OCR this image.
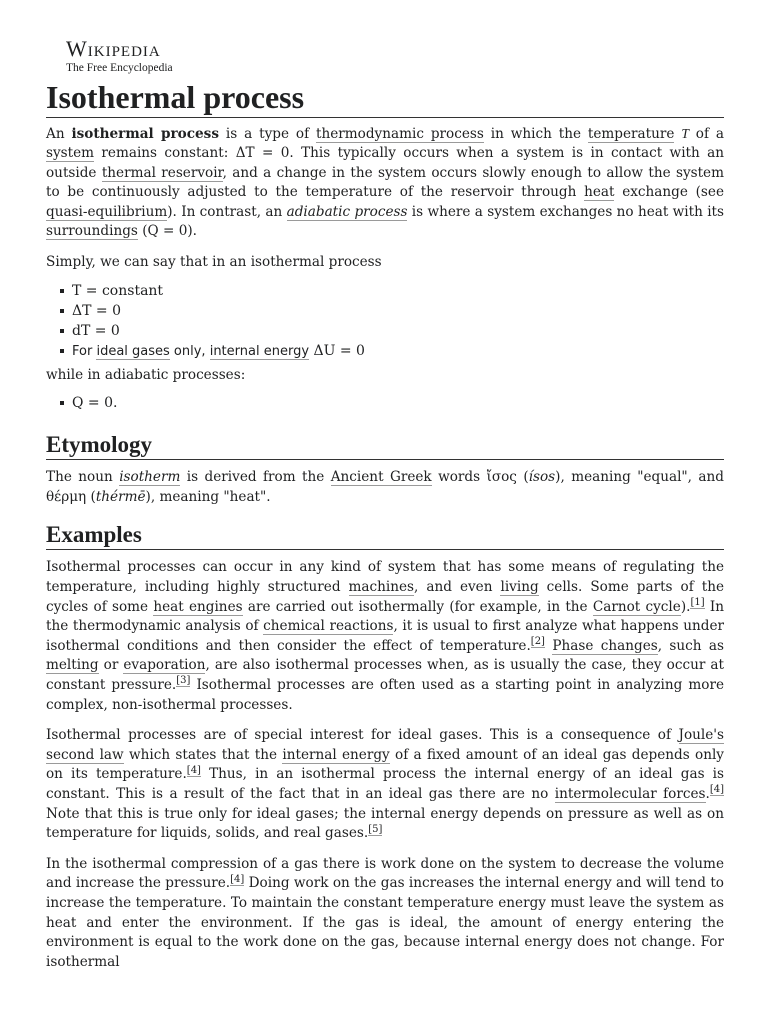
Wikipedia
The Free Encyclopedia
Isothermal process

An isothermal process is a type of thermodynamic process in which the temperature T of a system remains constant: ΔT = 0. This typically occurs when a system is in contact with an outside thermal reservoir, and a change in the system occurs slowly enough to allow the system to be continuously adjusted to the temperature of the reservoir through heat exchange (see quasi-equilibrium). In contrast, an adiabatic process is where a system exchanges no heat with its surroundings (Q = 0).

Simply, we can say that in an isothermal process

T = constant
ΔT = 0
dT = 0
For ideal gases only, internal energy ΔU = 0

while in adiabatic processes:

Q = 0.
Etymology

The noun isotherm is derived from the Ancient Greek words ἴσος (ísos), meaning "equal", and θέρμη (thérmē), meaning "heat".

Examples

Isothermal processes can occur in any kind of system that has some means of regulating the temperature, including highly structured machines, and even living cells. Some parts of the cycles of some heat engines are carried out isothermally (for example, in the Carnot cycle).[1] In the thermodynamic analysis of chemical reactions, it is usual to first analyze what happens under isothermal conditions and then consider the effect of temperature.[2] Phase changes, such as melting or evaporation, are also isothermal processes when, as is usually the case, they occur at constant pressure.[3] Isothermal processes are often used as a starting point in analyzing more complex, non-isothermal processes.

Isothermal processes are of special interest for ideal gases. This is a consequence of Joule's second law which states that the internal energy of a fixed amount of an ideal gas depends only on its temperature.[4] Thus, in an isothermal process the internal energy of an ideal gas is constant. This is a result of the fact that in an ideal gas there are no intermolecular forces.[4] Note that this is true only for ideal gases; the internal energy depends on pressure as well as on temperature for liquids, solids, and real gases.[5]

In the isothermal compression of a gas there is work done on the system to decrease the volume and increase the pressure.[4] Doing work on the gas increases the internal energy and will tend to increase the temperature. To maintain the constant temperature energy must leave the system as heat and enter the environment. If the gas is ideal, the amount of energy entering the environment is equal to the work done on the gas, because internal energy does not change. For isothermal
